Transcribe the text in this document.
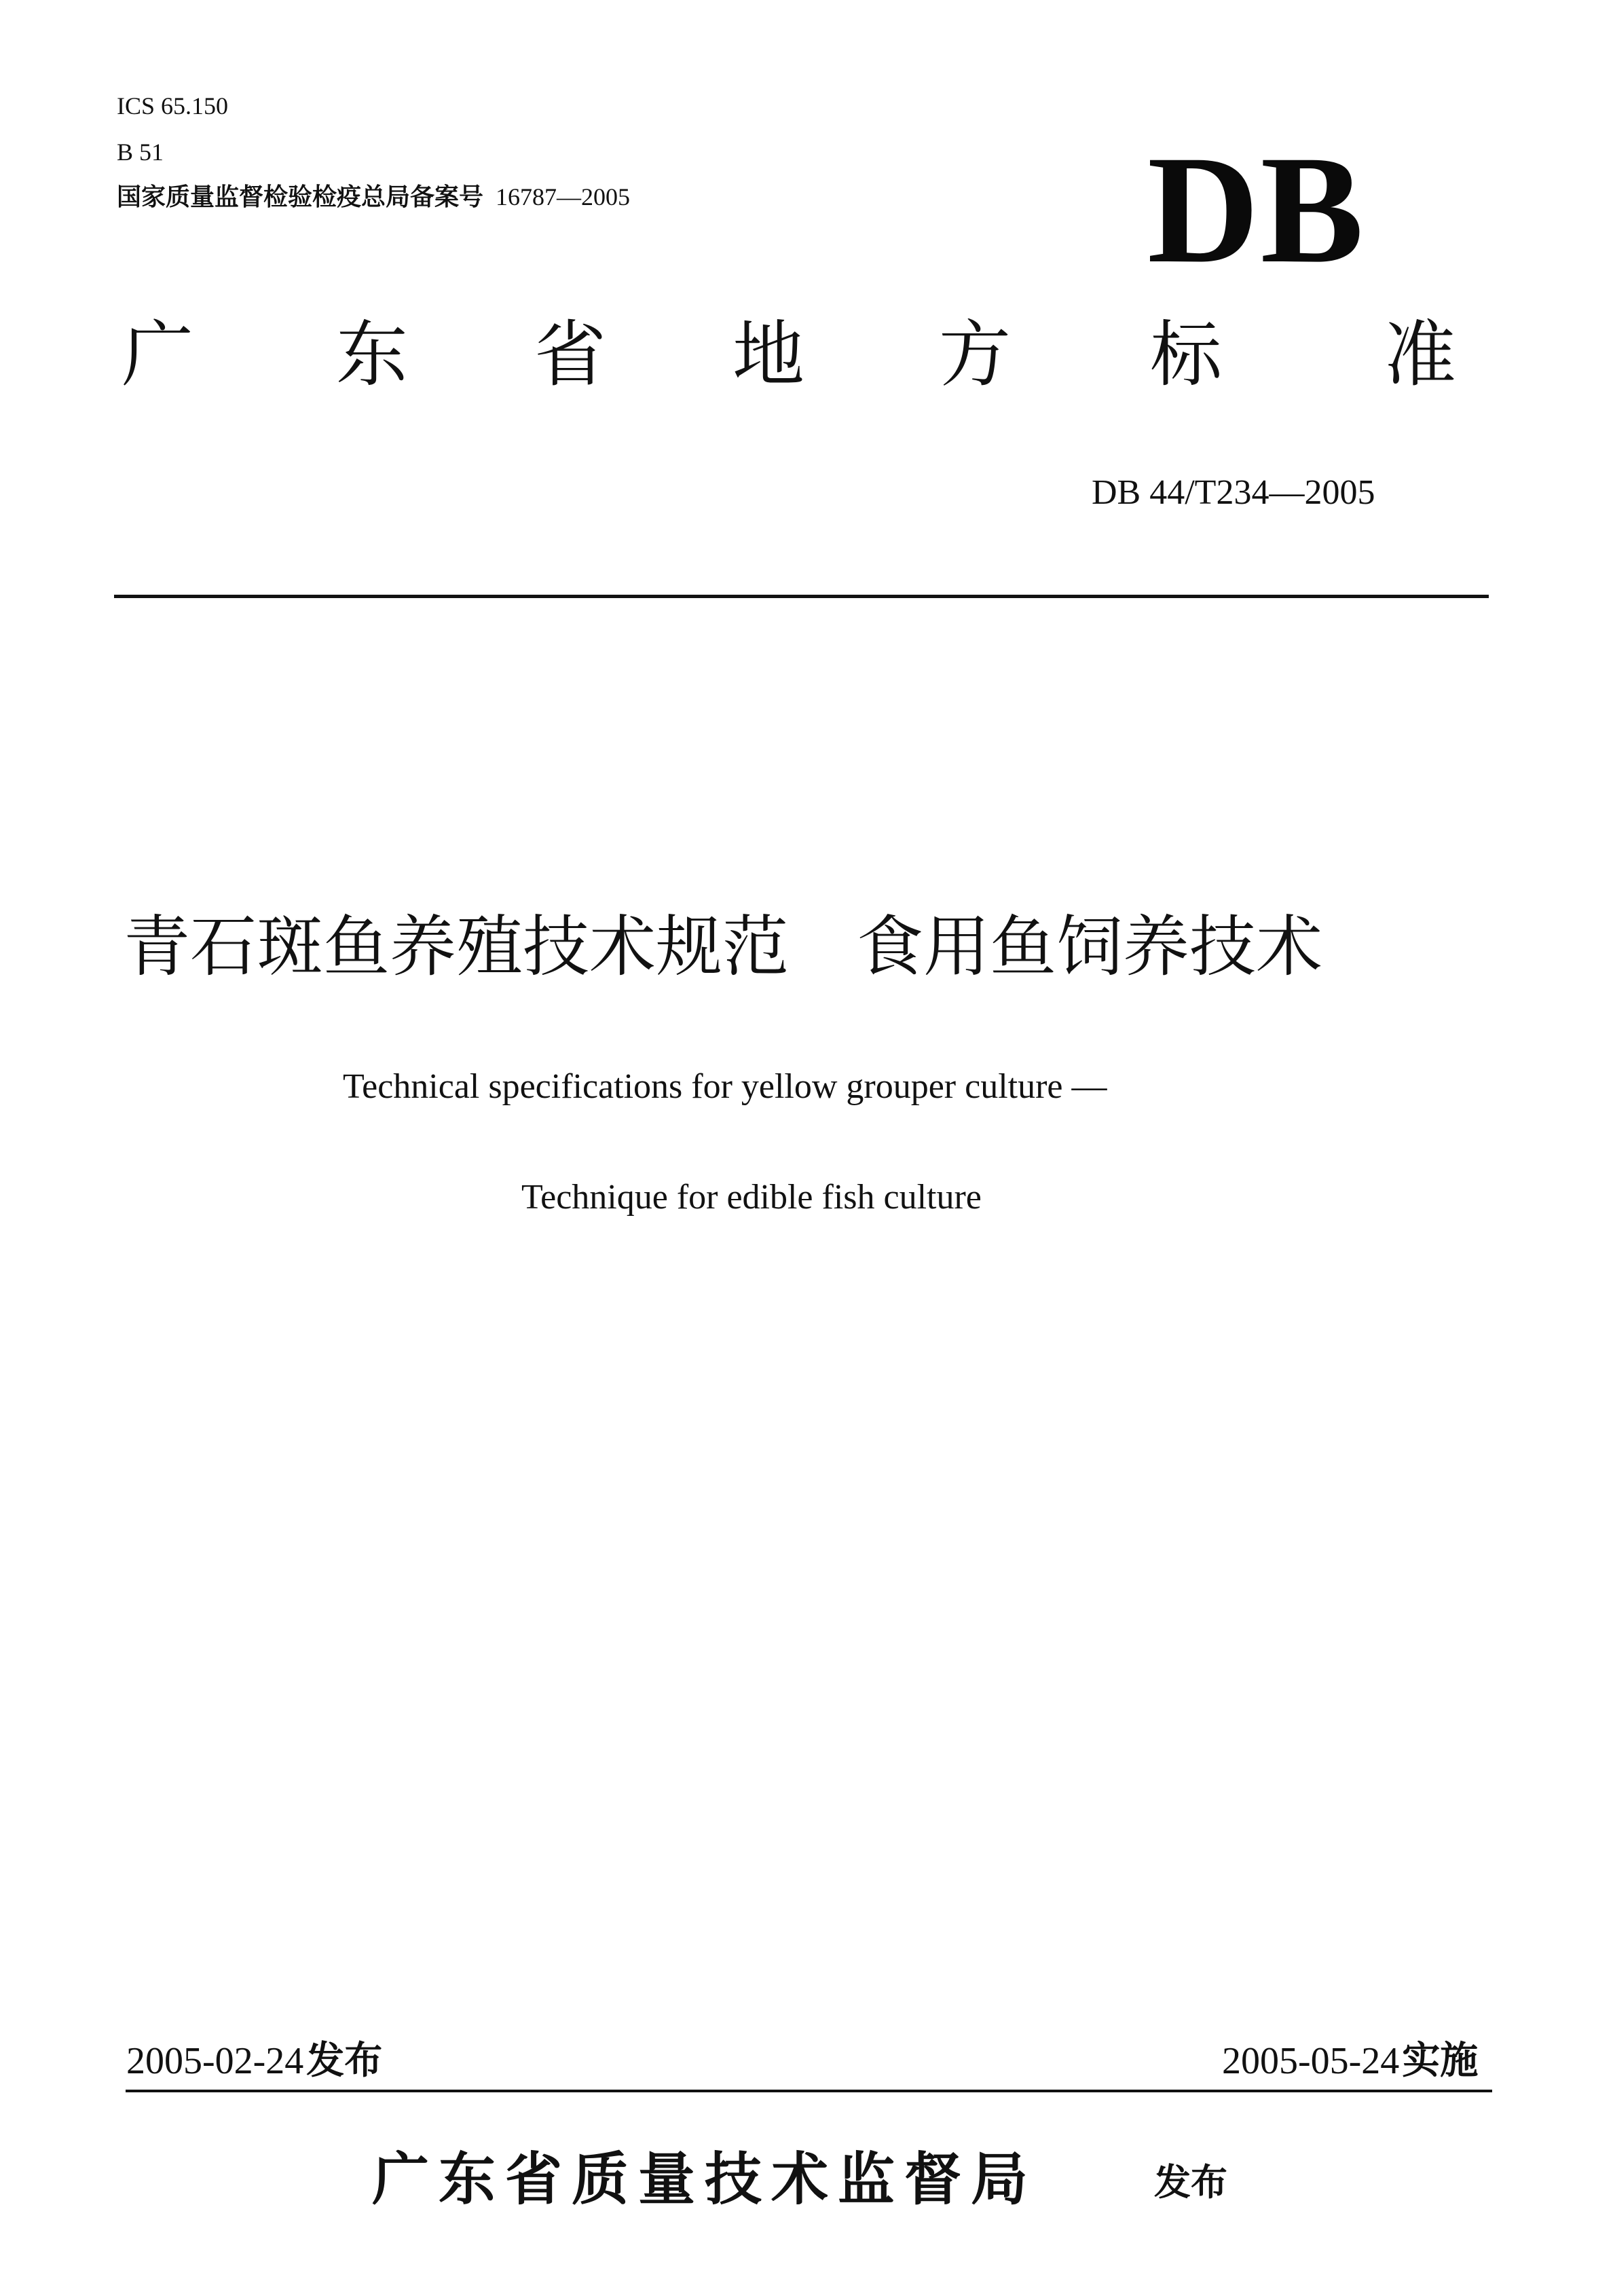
ICS 65.150
B 51
国家质量监督检验检疫总局备案号 16787—2005	DB
广 东 省 地 方 标 准
DB 44/T234—2005
青石斑鱼养殖技术规范 食用鱼饲养技术
Technical specifications for yellow grouper culture —
Technique for edible fish culture
2005-02-24发布	2005-05-24实施
广东省质量技术监督局	发布
